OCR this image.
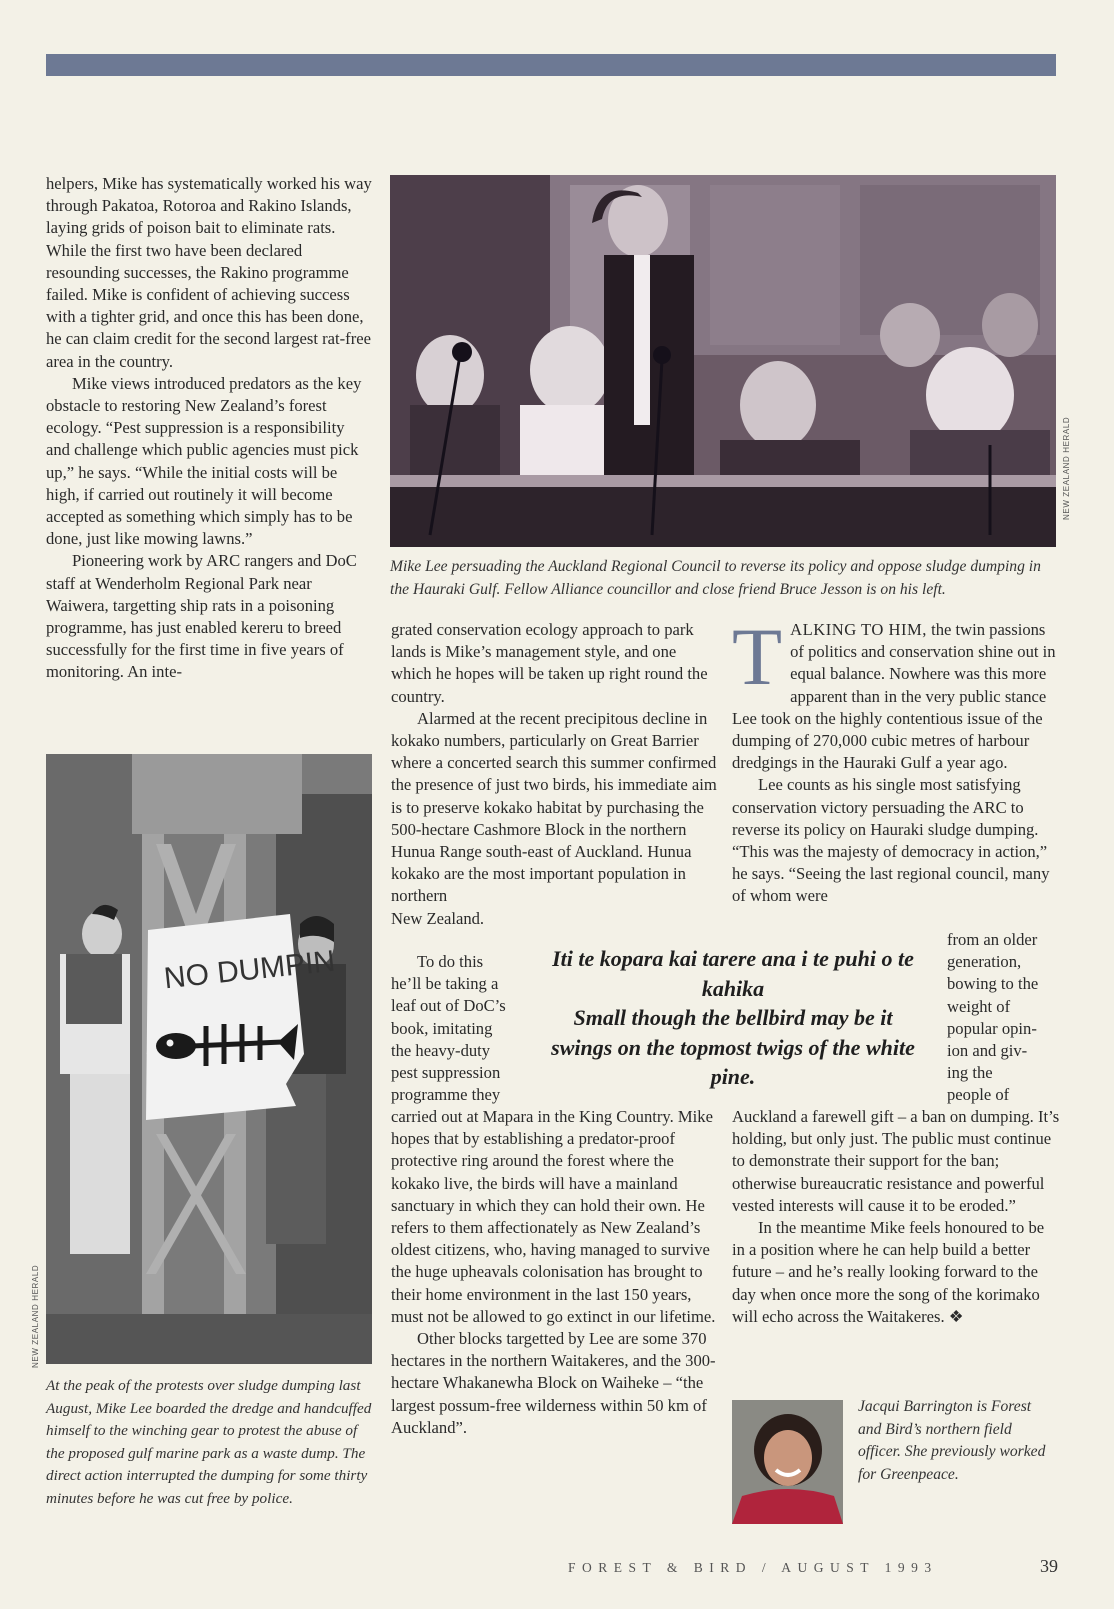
helpers, Mike has systematically worked his way through Pakatoa, Rotoroa and Rakino Islands, laying grids of poison bait to eliminate rats. While the first two have been declared resounding successes, the Rakino programme failed. Mike is confident of achieving success with a tighter grid, and once this has been done, he can claim credit for the second largest rat-free area in the country.

Mike views introduced predators as the key obstacle to restoring New Zealand’s forest ecology. “Pest suppression is a responsibility and challenge which public agencies must pick up,” he says. “While the initial costs will be high, if carried out routinely it will become accepted as something which simply has to be done, just like mowing lawns.”

Pioneering work by ARC rangers and DoC staff at Wenderholm Regional Park near Waiwera, targetting ship rats in a poisoning programme, has just enabled kereru to breed successfully for the first time in five years of monitoring. An inte-

NEW ZEALAND HERALD
Mike Lee persuading the Auckland Regional Council to reverse its policy and oppose sludge dumping in the Hauraki Gulf. Fellow Alliance councillor and close friend Bruce Jesson is on his left.
NO DUMPIN
NEW ZEALAND HERALD
At the peak of the protests over sludge dumping last August, Mike Lee boarded the dredge and handcuffed himself to the winching gear to protest the abuse of the proposed gulf marine park as a waste dump. The direct action interrupted the dumping for some thirty minutes before he was cut free by police.

grated conservation ecology approach to park lands is Mike’s management style, and one which he hopes will be taken up right round the country.

Alarmed at the recent precipitous decline in kokako numbers, particularly on Great Barrier where a concerted search this summer confirmed the presence of just two birds, his immediate aim is to preserve kokako habitat by purchasing the 500-hectare Cashmore Block in the northern Hunua Range south-east of Auckland. Hunua kokako are the most important population in northern

New Zealand.

To do this

he’ll be taking a

leaf out of DoC’s

book, imitating

the heavy-duty

pest suppression

programme they

carried out at Mapara in the King Country. Mike hopes that by establishing a predator-proof protective ring around the forest where the kokako live, the birds will have a mainland sanctuary in which they can hold their own. He refers to them affectionately as New Zealand’s oldest citizens, who, having managed to survive the huge upheavals colonisation has brought to their home environment in the last 150 years, must not be allowed to go extinct in our lifetime.

Other blocks targetted by Lee are some 370 hectares in the northern Waitakeres, and the 300-hectare Whakanewha Block on Waiheke – “the largest possum-free wilderness within 50 km of Auckland”.

Iti te kopara kai tarere ana i te puhi o te kahika
Small though the bellbird may be it swings on the topmost twigs of the white pine.

TALKING TO HIM, the twin passions of politics and conservation shine out in equal balance. Nowhere was this more apparent than in the very public stance Lee took on the highly contentious issue of the dumping of 270,000 cubic metres of harbour dredgings in the Hauraki Gulf a year ago.

Lee counts as his single most satisfying conservation victory persuading the ARC to reverse its policy on Hauraki sludge dumping. “This was the majesty of democracy in action,” he says. “Seeing the last regional council, many of whom were

from an older

generation,

bowing to the

weight of

popular opin-

ion and giv-

ing the

people of

Auckland a farewell gift – a ban on dumping. It’s holding, but only just. The public must continue to demonstrate their support for the ban; otherwise bureaucratic resistance and powerful vested interests will cause it to be eroded.”

In the meantime Mike feels honoured to be in a position where he can help build a better future – and he’s really looking forward to the day when once more the song of the korimako will echo across the Waitakeres. ❖

Jacqui Barrington is Forest and Bird’s northern field officer. She previously worked for Greenpeace.
FOREST & BIRD / AUGUST 1993	39
